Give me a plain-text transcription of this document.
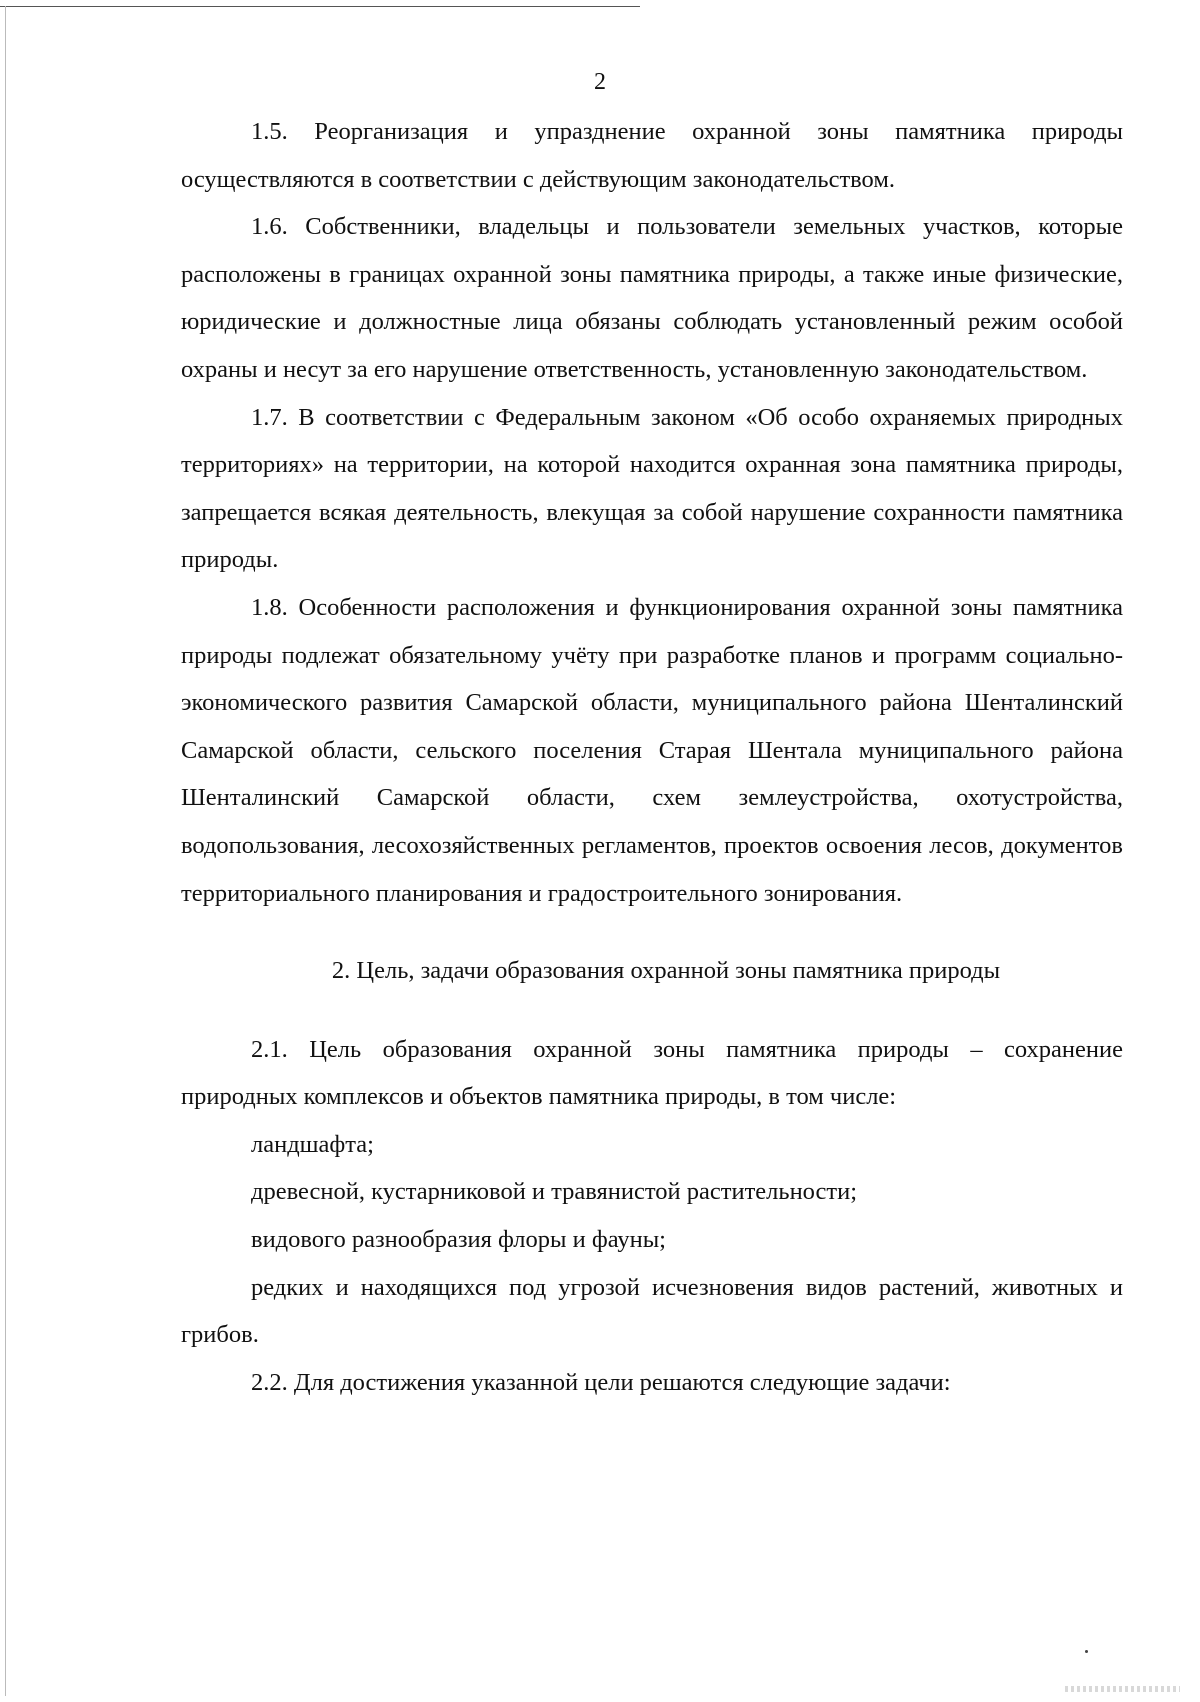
2

1.5. Реорганизация и упразднение охранной зоны памятника природы осуществляются в соответствии с действующим законодательством.

1.6. Собственники, владельцы и пользователи земельных участков, которые расположены в границах охранной зоны памятника природы, а также иные физические, юридические и должностные лица обязаны соблюдать установленный режим особой охраны и несут за его нарушение ответственность, установленную законодательством.

1.7. В соответствии с Федеральным законом «Об особо охраняемых природных территориях» на территории, на которой находится охранная зона памятника природы, запрещается всякая деятельность, влекущая за собой нарушение сохранности памятника природы.

1.8. Особенности расположения и функционирования охранной зоны памятника природы подлежат обязательному учёту при разработке планов и программ социально-экономического развития Самарской области, муниципального района Шенталинский Самарской области, сельского поселения Старая Шентала муниципального района Шенталинский Самарской области, схем землеустройства, охотустройства, водопользования, лесохозяйственных регламентов, проектов освоения лесов, документов территориального планирования и градостроительного зонирования.

2. Цель, задачи образования охранной зоны памятника природы

2.1. Цель образования охранной зоны памятника природы – сохранение природных комплексов и объектов памятника природы, в том числе:

ландшафта;

древесной, кустарниковой и травянистой растительности;

видового разнообразия флоры и фауны;

редких и находящихся под угрозой исчезновения видов растений, животных и грибов.

2.2. Для достижения указанной цели решаются следующие задачи:
